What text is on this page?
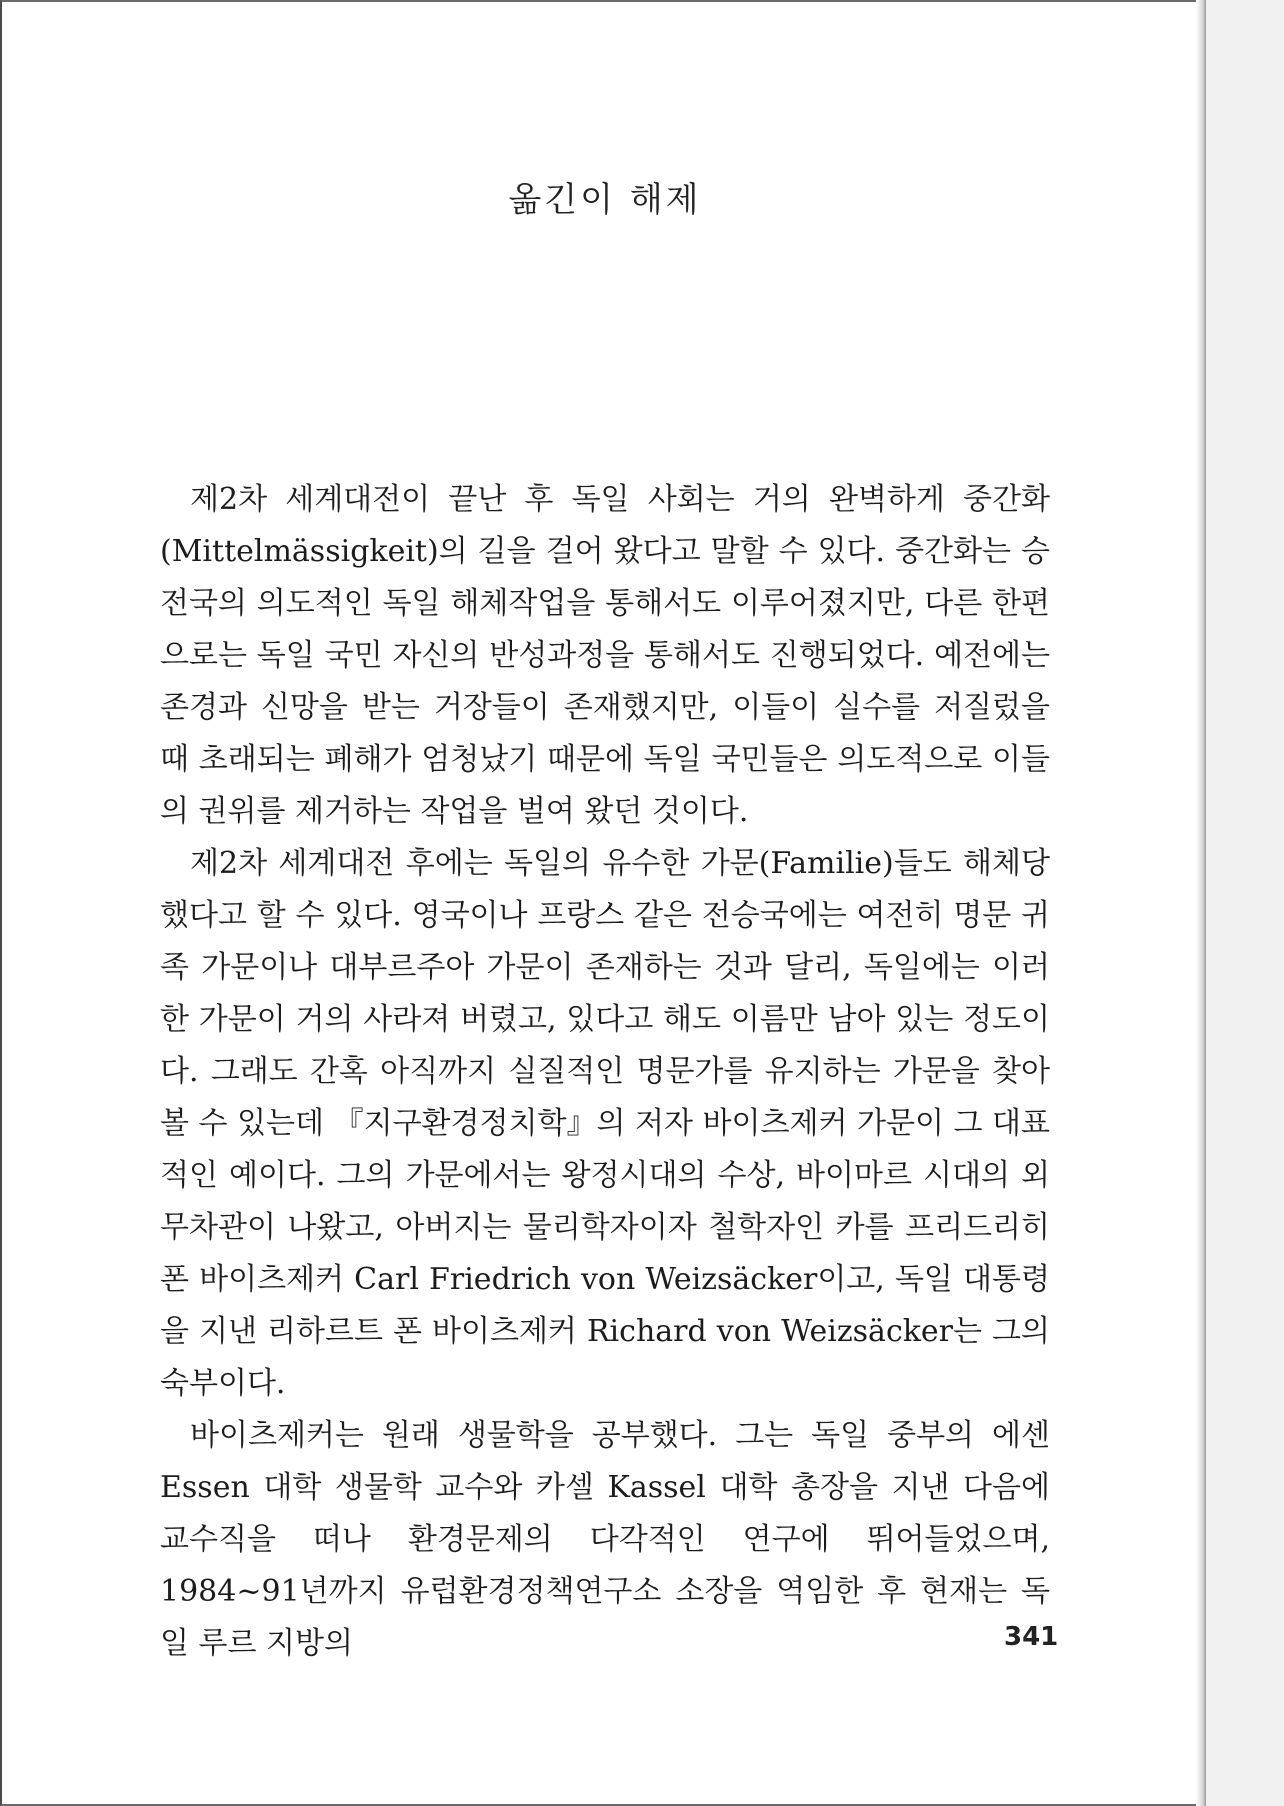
옮긴이 해제

제2차 세계대전이 끝난 후 독일 사회는 거의 완벽하게 중간화(Mittelmässigkeit)의 길을 걸어 왔다고 말할 수 있다. 중간화는 승전국의 의도적인 독일 해체작업을 통해서도 이루어졌지만, 다른 한편으로는 독일 국민 자신의 반성과정을 통해서도 진행되었다. 예전에는 존경과 신망을 받는 거장들이 존재했지만, 이들이 실수를 저질렀을 때 초래되는 폐해가 엄청났기 때문에 독일 국민들은 의도적으로 이들의 권위를 제거하는 작업을 벌여 왔던 것이다.

제2차 세계대전 후에는 독일의 유수한 가문(Familie)들도 해체당했다고 할 수 있다. 영국이나 프랑스 같은 전승국에는 여전히 명문 귀족 가문이나 대부르주아 가문이 존재하는 것과 달리, 독일에는 이러한 가문이 거의 사라져 버렸고, 있다고 해도 이름만 남아 있는 정도이다. 그래도 간혹 아직까지 실질적인 명문가를 유지하는 가문을 찾아볼 수 있는데 『지구환경정치학』의 저자 바이츠제커 가문이 그 대표적인 예이다. 그의 가문에서는 왕정시대의 수상, 바이마르 시대의 외무차관이 나왔고, 아버지는 물리학자이자 철학자인 카를 프리드리히 폰 바이츠제커 Carl Friedrich von Weizsäcker이고, 독일 대통령을 지낸 리하르트 폰 바이츠제커 Richard von Weizsäcker는 그의 숙부이다.

바이츠제커는 원래 생물학을 공부했다. 그는 독일 중부의 에센 Essen 대학 생물학 교수와 카셀 Kassel 대학 총장을 지낸 다음에 교수직을 떠나 환경문제의 다각적인 연구에 뛰어들었으며, 1984~91년까지 유럽환경정책연구소 소장을 역임한 후 현재는 독일 루르 지방의	341
